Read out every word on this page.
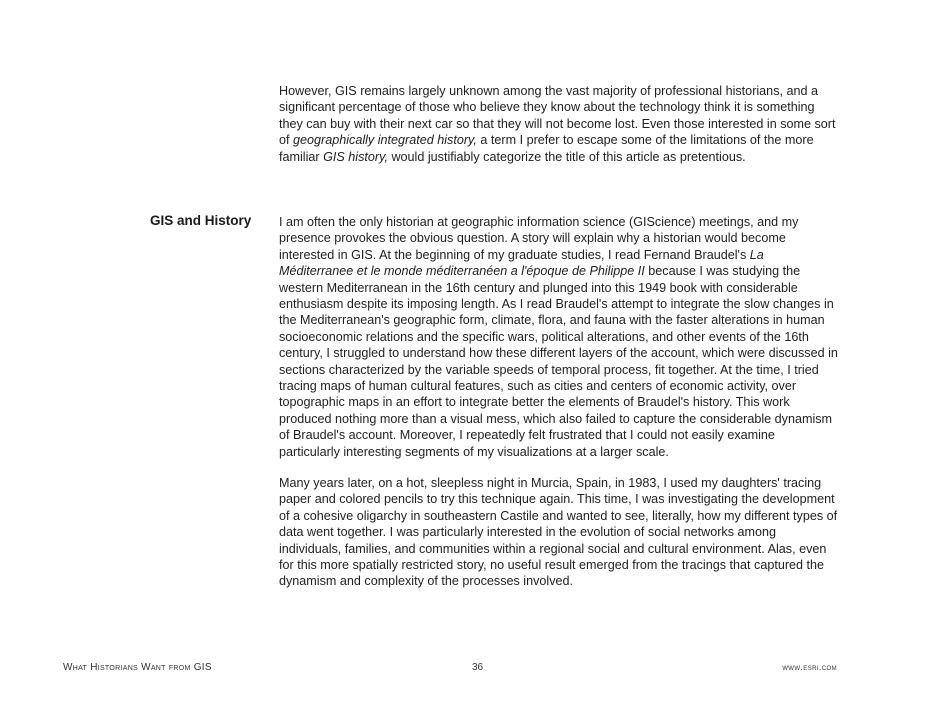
However, GIS remains largely unknown among the vast majority of professional historians, and a significant percentage of those who believe they know about the technology think it is something they can buy with their next car so that they will not become lost. Even those interested in some sort of geographically integrated history, a term I prefer to escape some of the limitations of the more familiar GIS history, would justifiably categorize the title of this article as pretentious.

GIS and History I am often the only historian at geographic information science (GIScience) meetings, and my presence provokes the obvious question. A story will explain why a historian would become interested in GIS. At the beginning of my graduate studies, I read Fernand Braudel's La Méditerranee et le monde méditerranéen a l'époque de Philippe II because I was studying the western Mediterranean in the 16th century and plunged into this 1949 book with considerable enthusiasm despite its imposing length. As I read Braudel's attempt to integrate the slow changes in the Mediterranean's geographic form, climate, flora, and fauna with the faster alterations in human socioeconomic relations and the specific wars, political alterations, and other events of the 16th century, I struggled to understand how these different layers of the account, which were discussed in sections characterized by the variable speeds of temporal process, fit together. At the time, I tried tracing maps of human cultural features, such as cities and centers of economic activity, over topographic maps in an effort to integrate better the elements of Braudel's history. This work produced nothing more than a visual mess, which also failed to capture the considerable dynamism of Braudel's account. Moreover, I repeatedly felt frustrated that I could not easily examine particularly interesting segments of my visualizations at a larger scale.

Many years later, on a hot, sleepless night in Murcia, Spain, in 1983, I used my daughters' tracing paper and colored pencils to try this technique again. This time, I was investigating the development of a cohesive oligarchy in southeastern Castile and wanted to see, literally, how my different types of data went together. I was particularly interested in the evolution of social networks among individuals, families, and communities within a regional social and cultural environment. Alas, even for this more spatially restricted story, no useful result emerged from the tracings that captured the dynamism and complexity of the processes involved.

What Historians Want from GIS	36	www.esri.com
